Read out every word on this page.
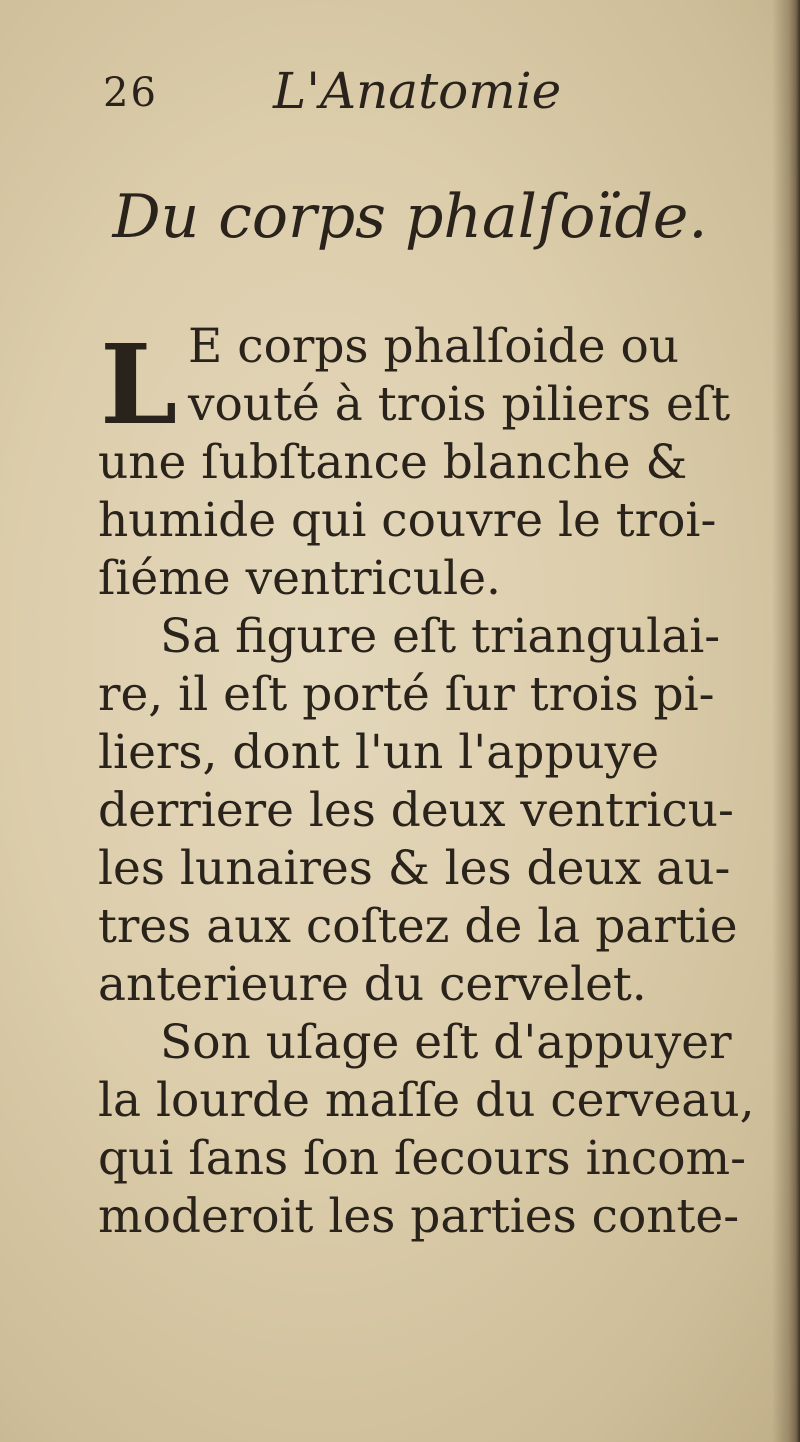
26 L'Anatomie
Du corps phalſoïde.
L E corps phalſoide ou
vouté à trois piliers eſt
une ſubſtance blanche &
humide qui couvre le troi-
ſiéme ventricule.
Sa figure eſt triangulai-
re, il eſt porté ſur trois pi-
liers, dont l'un l'appuye
derriere les deux ventricu-
les lunaires & les deux au-
tres aux coſtez de la partie
anterieure du cervelet.
Son uſage eſt d'appuyer
la lourde maſſe du cerveau,
qui ſans ſon ſecours incom-
moderoit les parties conte-
